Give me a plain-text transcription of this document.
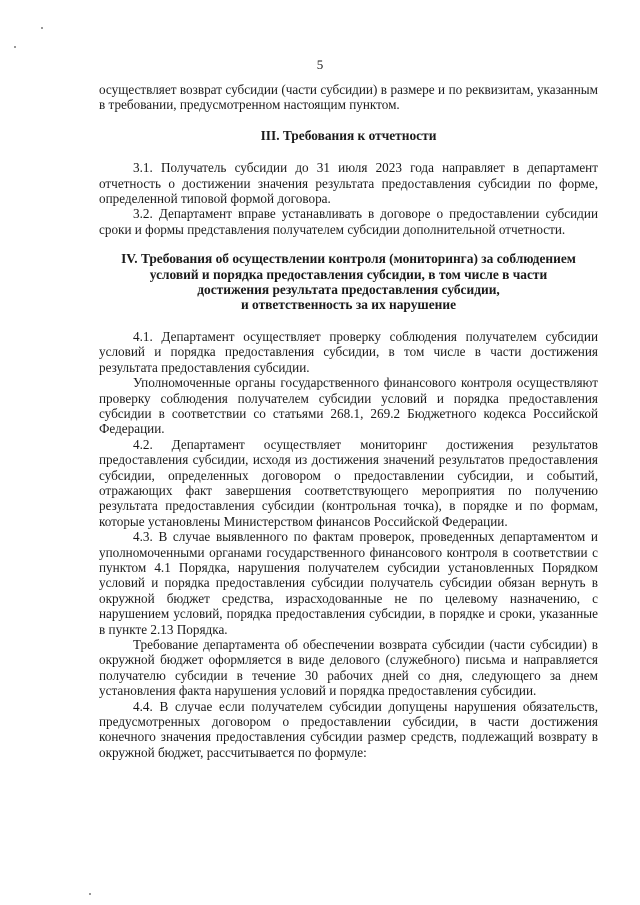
5

осуществляет возврат субсидии (части субсидии) в размере и по реквизитам, указанным в требовании, предусмотренном настоящим пунктом.

III. Требования к отчетности

3.1. Получатель субсидии до 31 июля 2023 года направляет в департамент отчетность о достижении значения результата предоставления субсидии по форме, определенной типовой формой договора.

3.2. Департамент вправе устанавливать в договоре о предоставлении субсидии сроки и формы представления получателем субсидии дополнительной отчетности.

IV. Требования об осуществлении контроля (мониторинга) за соблюдением
условий и порядка предоставления субсидии, в том числе в части
достижения результата предоставления субсидии,
и ответственность за их нарушение

4.1. Департамент осуществляет проверку соблюдения получателем субсидии условий и порядка предоставления субсидии, в том числе в части достижения результата предоставления субсидии.

Уполномоченные органы государственного финансового контроля осуществляют проверку соблюдения получателем субсидии условий и порядка предоставления субсидии в соответствии со статьями 268.1, 269.2 Бюджетного кодекса Российской Федерации.

4.2. Департамент осуществляет мониторинг достижения результатов предоставления субсидии, исходя из достижения значений результатов предоставления субсидии, определенных договором о предоставлении субсидии, и событий, отражающих факт завершения соответствующего мероприятия по получению результата предоставления субсидии (контрольная точка), в порядке и по формам, которые установлены Министерством финансов Российской Федерации.

4.3. В случае выявленного по фактам проверок, проведенных департаментом и уполномоченными органами государственного финансового контроля в соответствии с пунктом 4.1 Порядка, нарушения получателем субсидии установленных Порядком условий и порядка предоставления субсидии получатель субсидии обязан вернуть в окружной бюджет средства, израсходованные не по целевому назначению, с нарушением условий, порядка предоставления субсидии, в порядке и сроки, указанные в пункте 2.13 Порядка.

Требование департамента об обеспечении возврата субсидии (части субсидии) в окружной бюджет оформляется в виде делового (служебного) письма и направляется получателю субсидии в течение 30 рабочих дней со дня, следующего за днем установления факта нарушения условий и порядка предоставления субсидии.

4.4. В случае если получателем субсидии допущены нарушения обязательств, предусмотренных договором о предоставлении субсидии, в части достижения конечного значения предоставления субсидии размер средств, подлежащий возврату в окружной бюджет, рассчитывается по формуле:
